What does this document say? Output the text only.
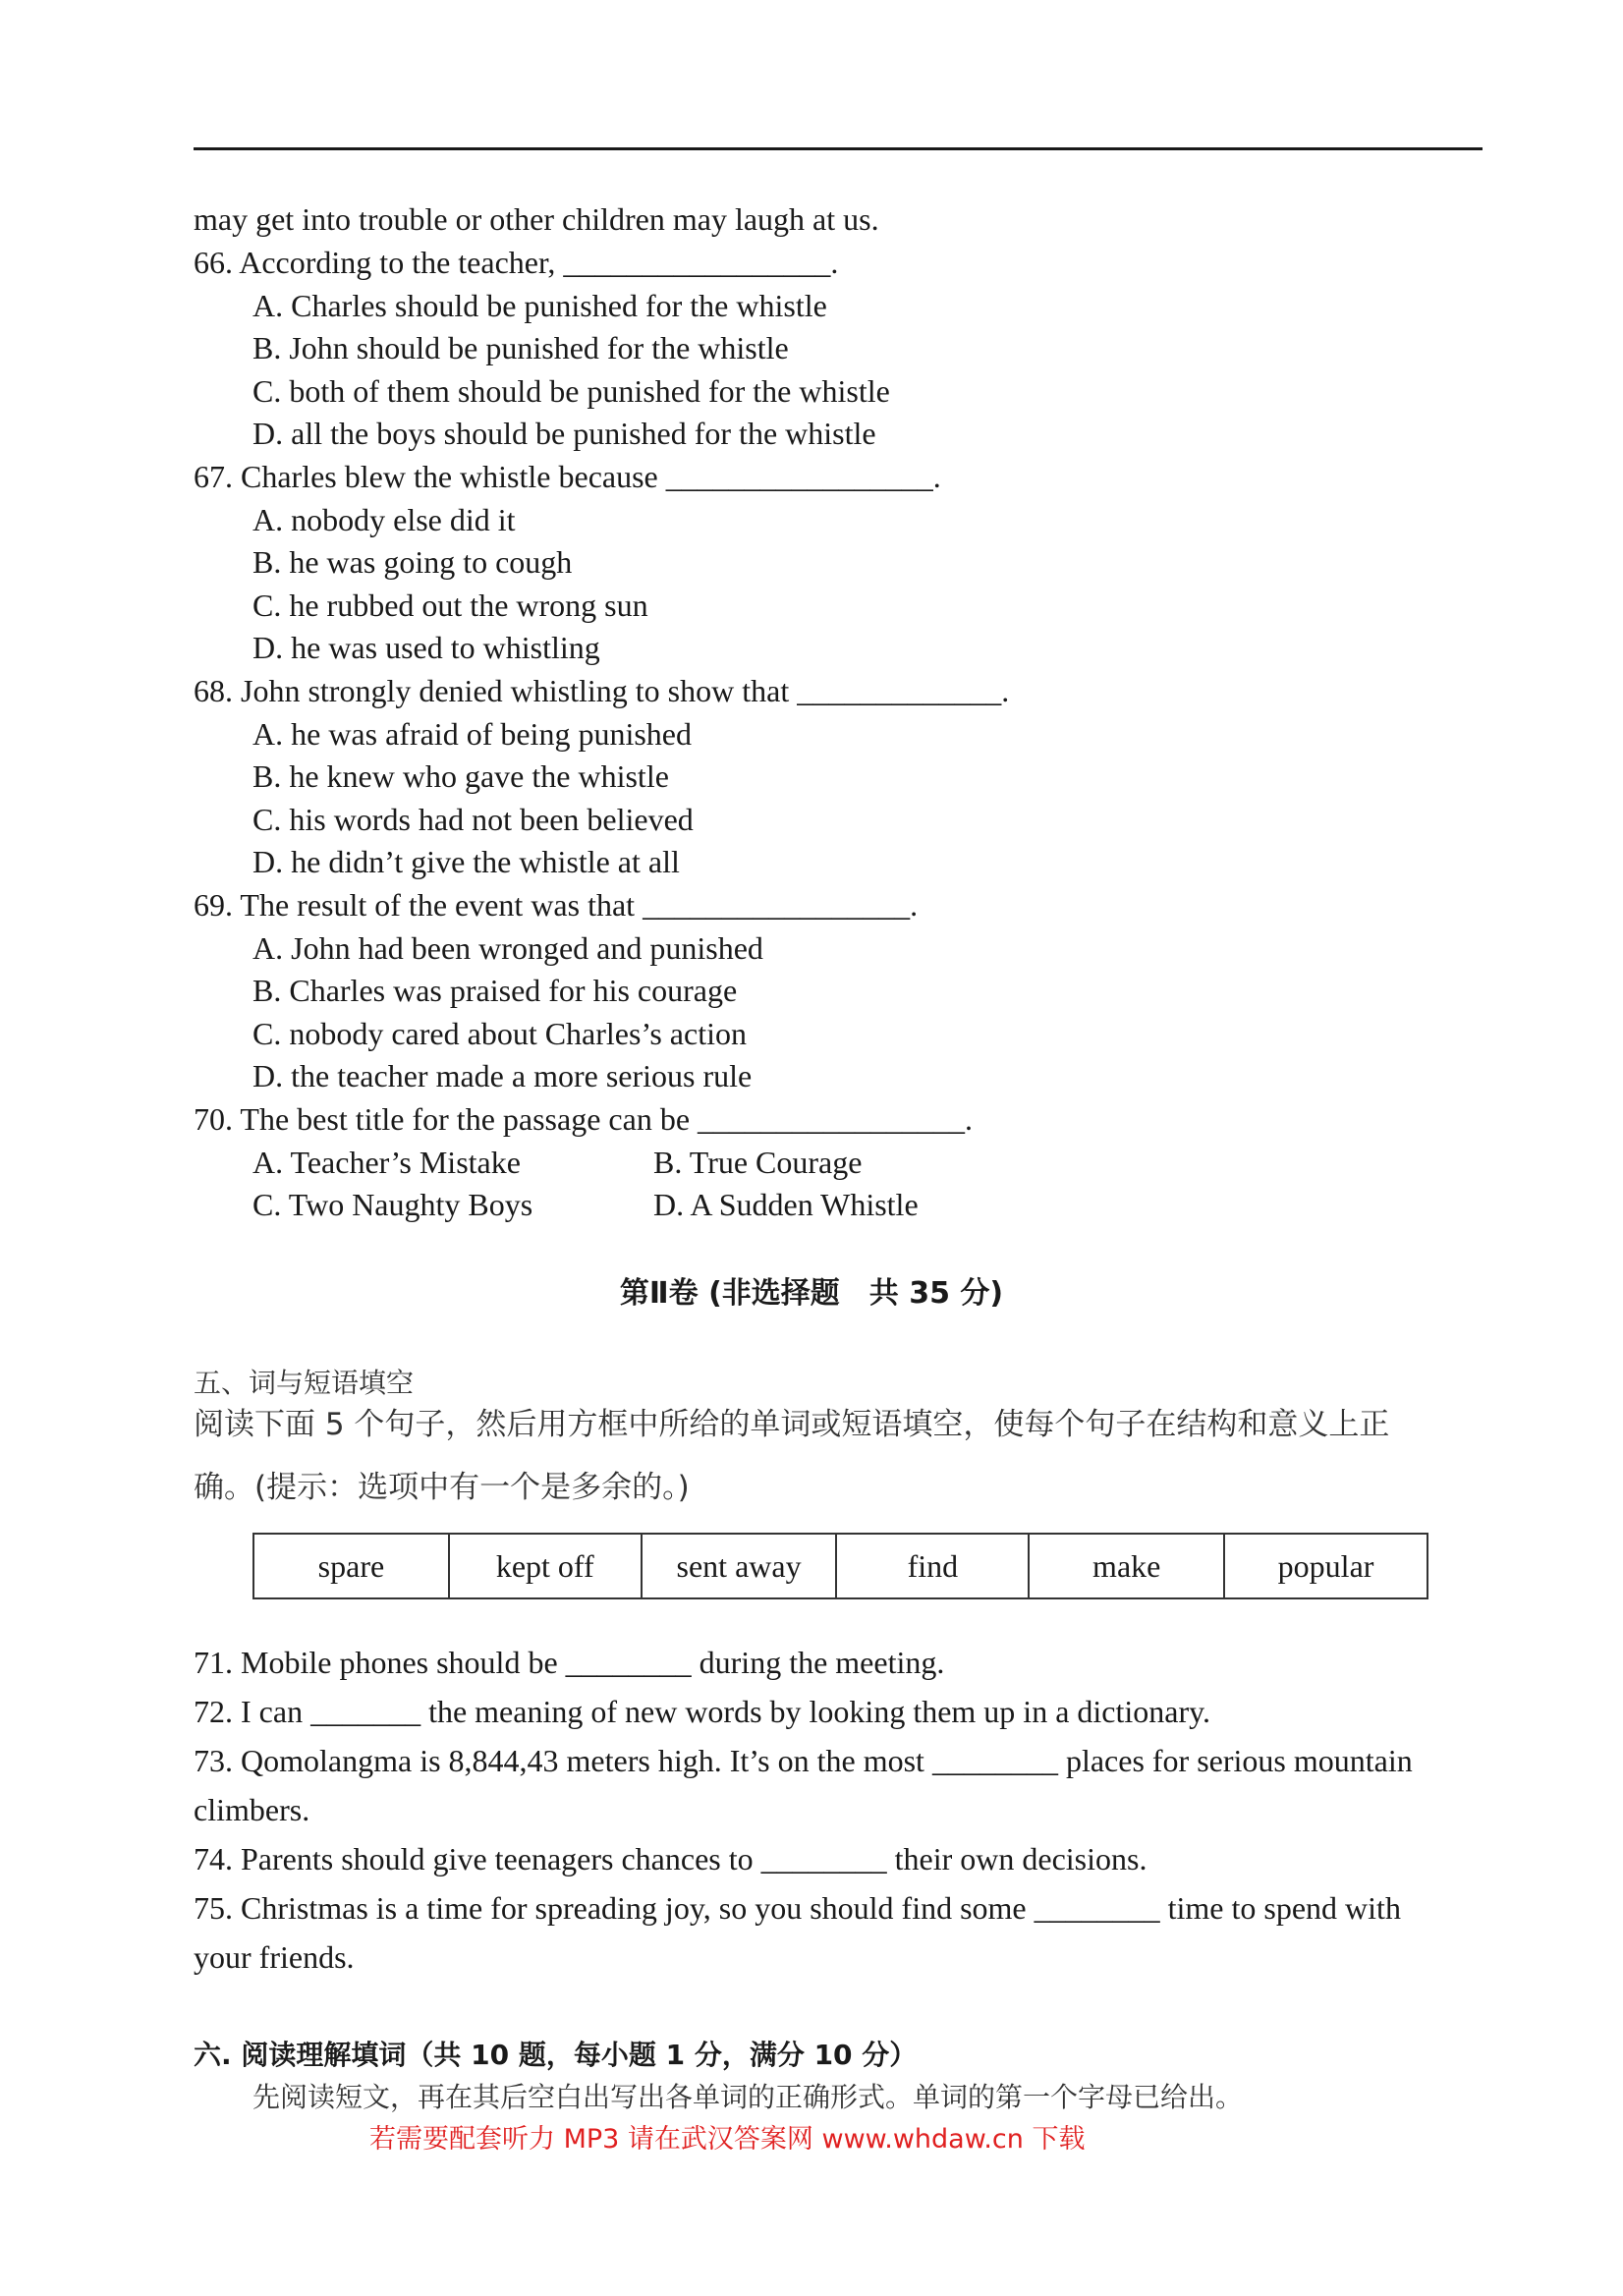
may get into trouble or other children may laugh at us.
66. According to the teacher, _________________.
A. Charles should be punished for the whistle
B. John should be punished for the whistle
C. both of them should be punished for the whistle
D. all the boys should be punished for the whistle
67. Charles blew the whistle because _________________.
A. nobody else did it
B. he was going to cough
C. he rubbed out the wrong sun
D. he was used to whistling
68. John strongly denied whistling to show that _____________.
A. he was afraid of being punished
B. he knew who gave the whistle
C. his words had not been believed
D. he didn’t give the whistle at all
69. The result of the event was that _________________.
A. John had been wronged and punished
B. Charles was praised for his courage
C. nobody cared about Charles’s action
D. the teacher made a more serious rule
70. The best title for the passage can be _________________.
A. Teacher’s Mistake	B. True Courage
C. Two Naughty Boys	D. A Sudden Whistle
第Ⅱ卷 (非选择题　共 35 分)
五、词与短语填空
阅读下面 5 个句子，然后用方框中所给的单词或短语填空，使每个句子在结构和意义上正
确。(提示：选项中有一个是多余的。)
spare	kept off	sent away	find	make	popular
71. Mobile phones should be ________ during the meeting.
72. I can _______ the meaning of new words by looking them up in a dictionary.
73. Qomolangma is 8,844,43 meters high. It’s on the most ________ places for serious mountain
climbers.
74. Parents should give teenagers chances to ________ their own decisions.
75. Christmas is a time for spreading joy, so you should find some ________ time to spend with
your friends.
六. 阅读理解填词（共 10 题，每小题 1 分，满分 10 分）
先阅读短文，再在其后空白出写出各单词的正确形式。单词的第一个字母已给出。
若需要配套听力 MP3 请在武汉答案网 www.whdaw.cn 下载
